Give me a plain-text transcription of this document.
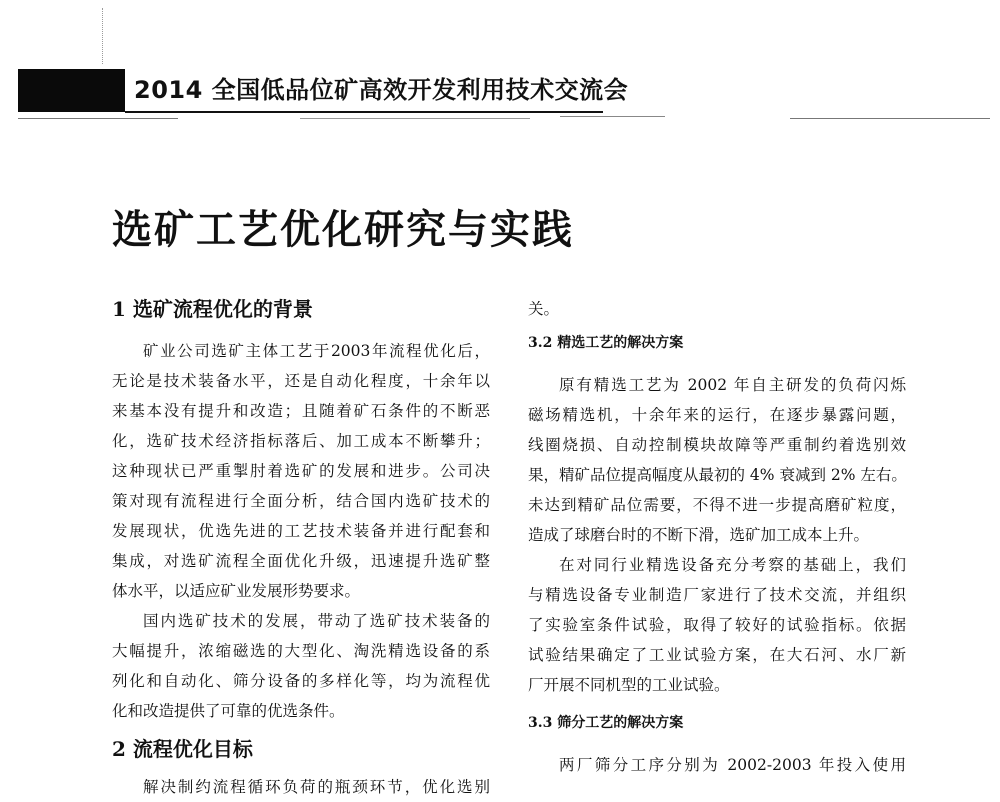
2014 全国低品位矿高效开发利用技术交流会
选矿工艺优化研究与实践
1 选矿流程优化的背景
矿业公司选矿主体工艺于2003年流程优化后，
无论是技术装备水平，还是自动化程度，十余年以
来基本没有提升和改造；且随着矿石条件的不断恶
化，选矿技术经济指标落后、加工成本不断攀升；
这种现状已严重掣肘着选矿的发展和进步。公司决
策对现有流程进行全面分析，结合国内选矿技术的
发展现状，优选先进的工艺技术装备并进行配套和
集成，对选矿流程全面优化升级，迅速提升选矿整
体水平，以适应矿业发展形势要求。
国内选矿技术的发展，带动了选矿技术装备的
大幅提升，浓缩磁选的大型化、淘洗精选设备的系
列化和自动化、筛分设备的多样化等，均为流程优
化和改造提供了可靠的优选条件。
2 流程优化目标
解决制约流程循环负荷的瓶颈环节，优化选别
关。
3.2 精选工艺的解决方案
原有精选工艺为 2002 年自主研发的负荷闪烁
磁场精选机，十余年来的运行，在逐步暴露问题，
线圈烧损、自动控制模块故障等严重制约着选别效
果，精矿品位提高幅度从最初的 4% 衰减到 2% 左右。
未达到精矿品位需要，不得不进一步提高磨矿粒度，
造成了球磨台时的不断下滑，选矿加工成本上升。
在对同行业精选设备充分考察的基础上，我们
与精选设备专业制造厂家进行了技术交流，并组织
了实验室条件试验，取得了较好的试验指标。依据
试验结果确定了工业试验方案，在大石河、水厂新
厂开展不同机型的工业试验。
3.3 筛分工艺的解决方案
两厂筛分工序分别为 2002-2003 年投入使用
